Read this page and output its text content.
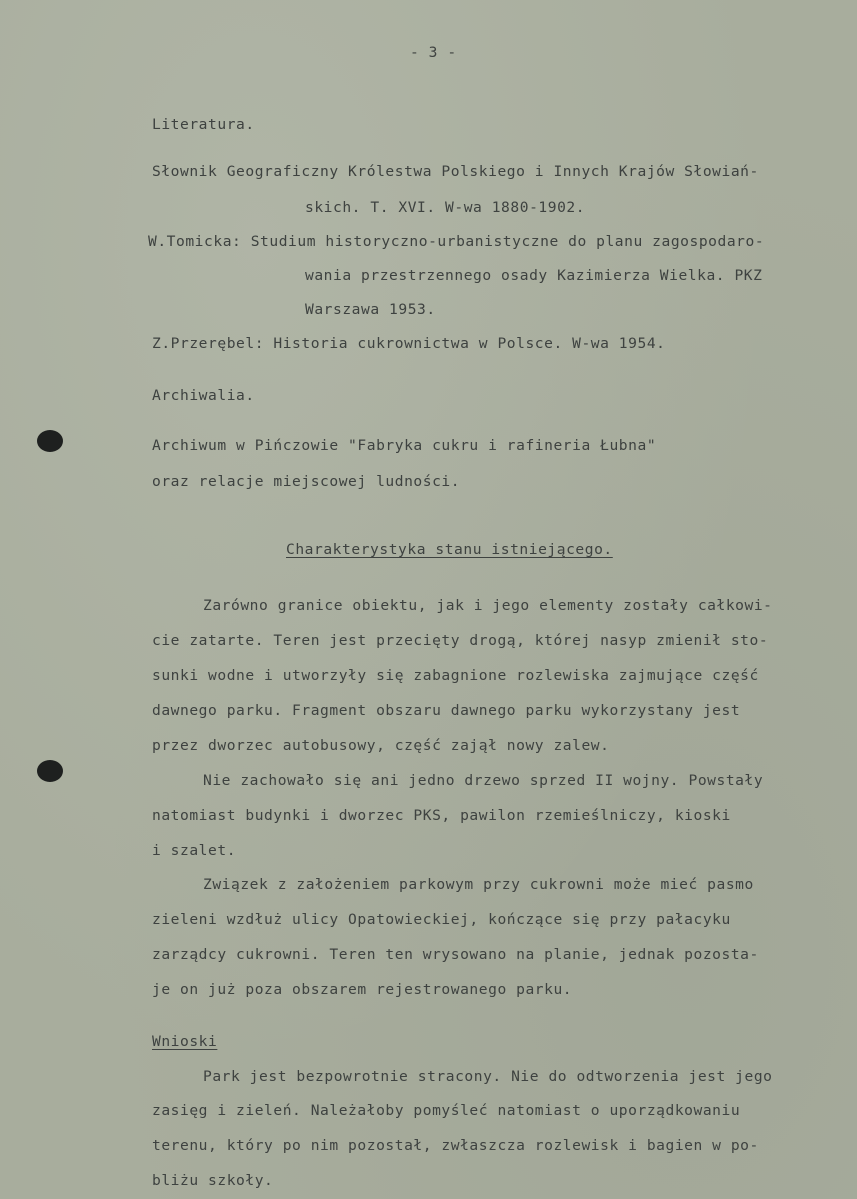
- 3 -
Literatura.
Słownik Geograficzny Królestwa Polskiego i Innych Krajów Słowiań-
skich. T. XVI. W-wa 1880-1902.
W.Tomicka: Studium historyczno-urbanistyczne do planu zagospodaro-
wania przestrzennego osady Kazimierza Wielka. PKZ
Warszawa 1953.
Z.Przerębel: Historia cukrownictwa w Polsce. W-wa 1954.
Archiwalia.
Archiwum w Pińczowie "Fabryka cukru i rafineria Łubna"
oraz relacje miejscowej ludności.
Charakterystyka stanu istniejącego.
Zarówno granice obiektu, jak i jego elementy zostały całkowi-
cie zatarte. Teren jest przecięty drogą, której nasyp zmienił sto-
sunki wodne i utworzyły się zabagnione rozlewiska zajmujące część
dawnego parku. Fragment obszaru dawnego parku wykorzystany jest
przez dworzec autobusowy, część zajął nowy zalew.
Nie zachowało się ani jedno drzewo sprzed II wojny. Powstały
natomiast budynki i dworzec PKS, pawilon rzemieślniczy, kioski
i szalet.
Związek z założeniem parkowym przy cukrowni może mieć pasmo
zieleni wzdłuż ulicy Opatowieckiej, kończące się przy pałacyku
zarządcy cukrowni. Teren ten wrysowano na planie, jednak pozosta-
je on już poza obszarem rejestrowanego parku.
Wnioski
Park jest bezpowrotnie stracony. Nie do odtworzenia jest jego
zasięg i zieleń. Należałoby pomyśleć natomiast o uporządkowaniu
terenu, który po nim pozostał, zwłaszcza rozlewisk i bagien w po-
bliżu szkoły.
